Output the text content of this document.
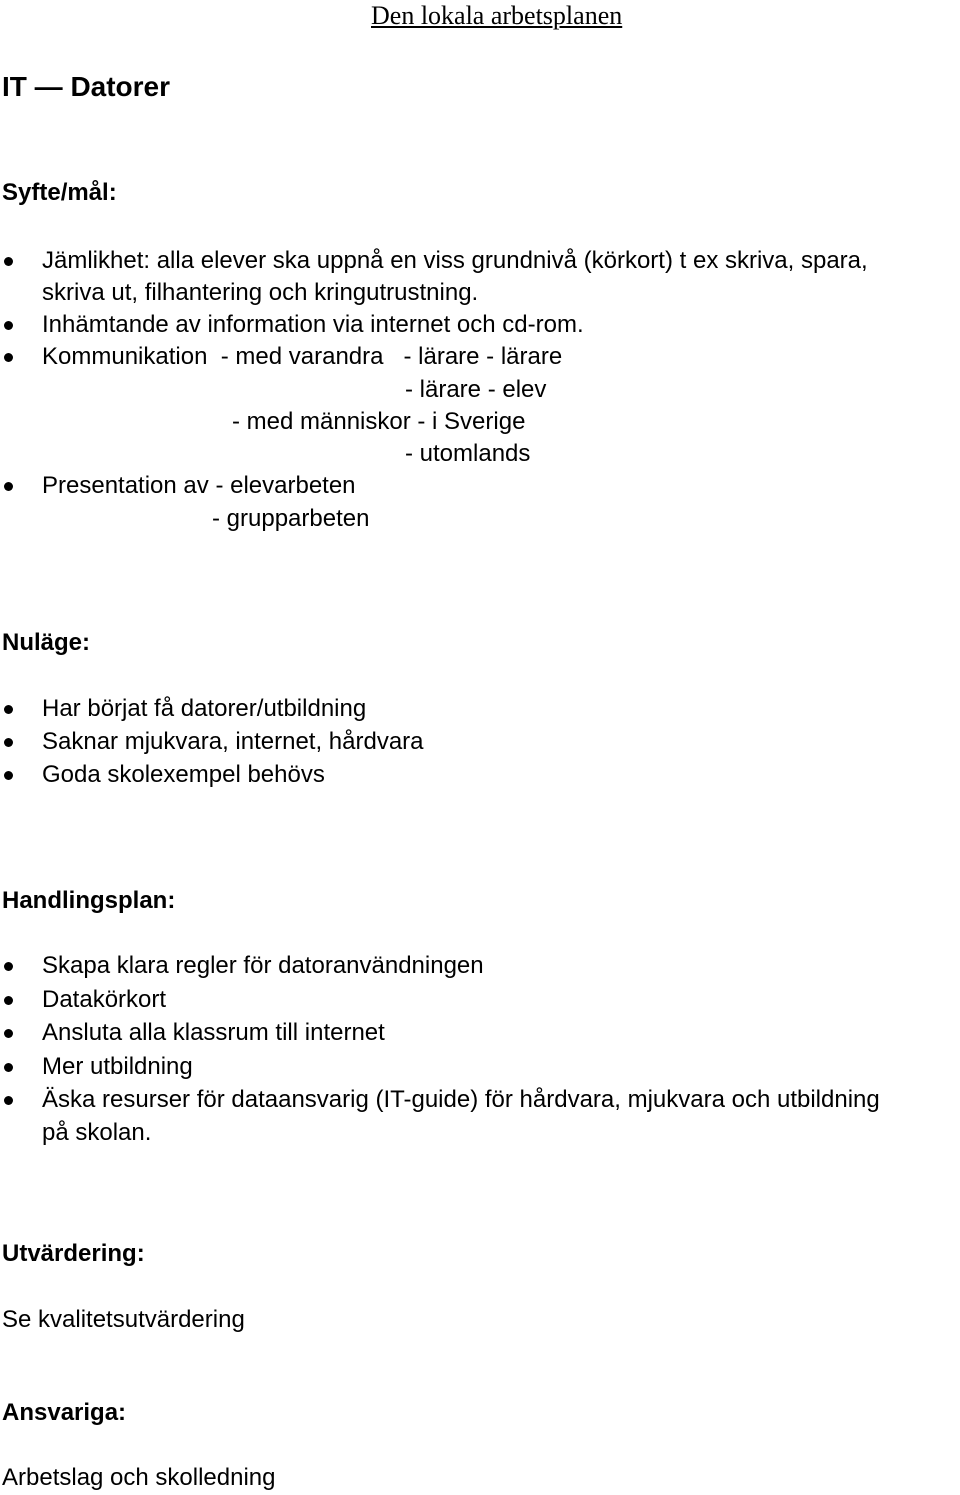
Den lokala arbetsplanen
IT — Datorer
Syfte/mål:
Jämlikhet: alla elever ska uppnå en viss grundnivå (körkort) t ex skriva, spara,
skriva ut, filhantering och kringutrustning.
Inhämtande av information via internet och cd-rom.
Kommunikation  - med varandra   - lärare - lärare
- lärare - elev
- med människor - i Sverige
- utomlands
Presentation av - elevarbeten
- grupparbeten
Nuläge:
Har börjat få datorer/utbildning
Saknar mjukvara, internet, hårdvara
Goda skolexempel behövs
Handlingsplan:
Skapa klara regler för datoranvändningen
Datakörkort
Ansluta alla klassrum till internet
Mer utbildning
Äska resurser för dataansvarig (IT-guide) för hårdvara, mjukvara och utbildning
på skolan.
Utvärdering:
Se kvalitetsutvärdering
Ansvariga:
Arbetslag och skolledning
